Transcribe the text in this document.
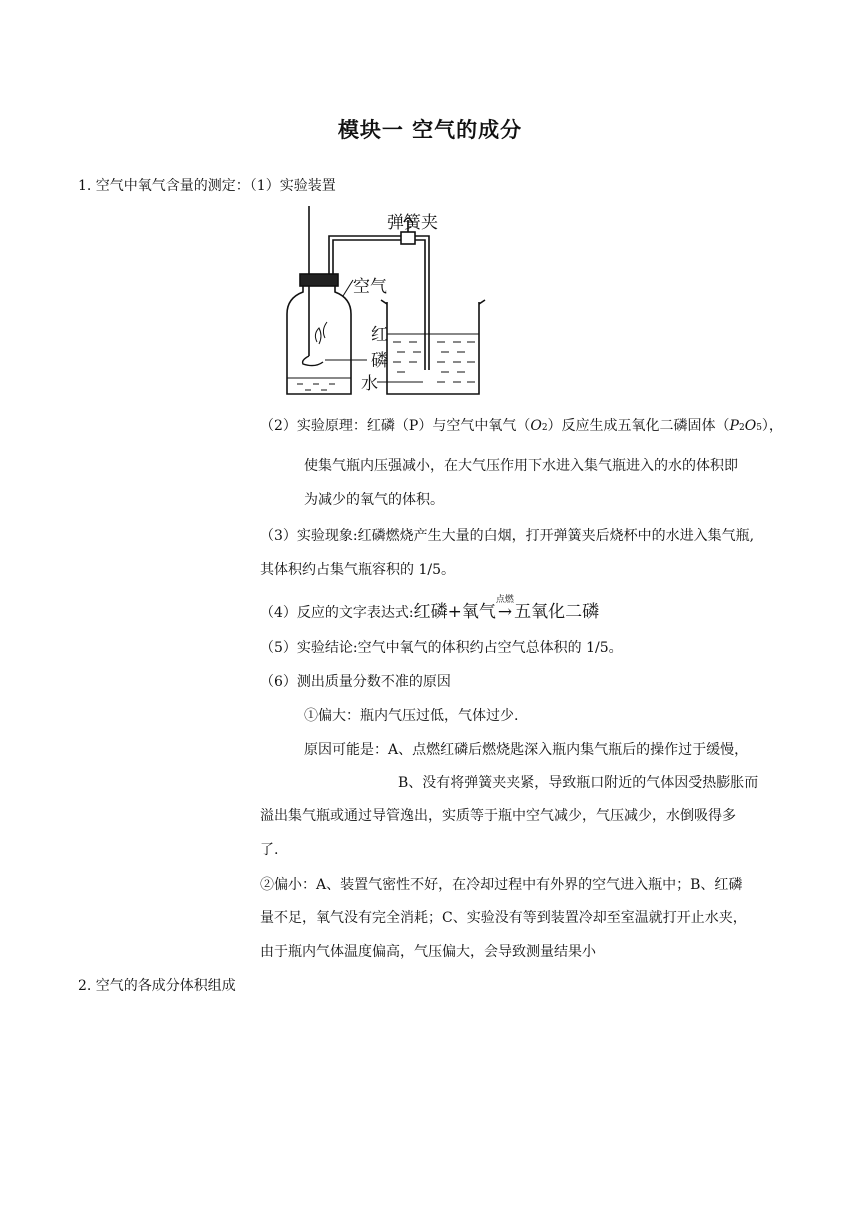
模块一 空气的成分
1. 空气中氧气含量的测定：（1）实验装置
弹簧夹
空气
红
磷
水
（2）实验原理：红磷（P）与空气中氧气（O2）反应生成五氧化二磷固体（P2O5），
使集气瓶内压强减小，在大气压作用下水进入集气瓶进入的水的体积即
为减少的氧气的体积。
（3）实验现象:红磷燃烧产生大量的白烟，打开弹簧夹后烧杯中的水进入集气瓶,
其体积约占集气瓶容积的 1/5。
（4）反应的文字表达式:红磷+氧气
点燃
→ 五氧化二磷
（5）实验结论:空气中氧气的体积约占空气总体积的 1/5。
（6）测出质量分数不准的原因
①偏大：瓶内气压过低，气体过少.
原因可能是：A、点燃红磷后燃烧匙深入瓶内集气瓶后的操作过于缓慢，
B、没有将弹簧夹夹紧，导致瓶口附近的气体因受热膨胀而
溢出集气瓶或通过导管逸出，实质等于瓶中空气减少，气压减少，水倒吸得多
了.
②偏小：A、装置气密性不好，在冷却过程中有外界的空气进入瓶中；B、红磷
量不足，氧气没有完全消耗；C、实验没有等到装置冷却至室温就打开止水夹，
由于瓶内气体温度偏高，气压偏大，会导致测量结果小
2. 空气的各成分体积组成
